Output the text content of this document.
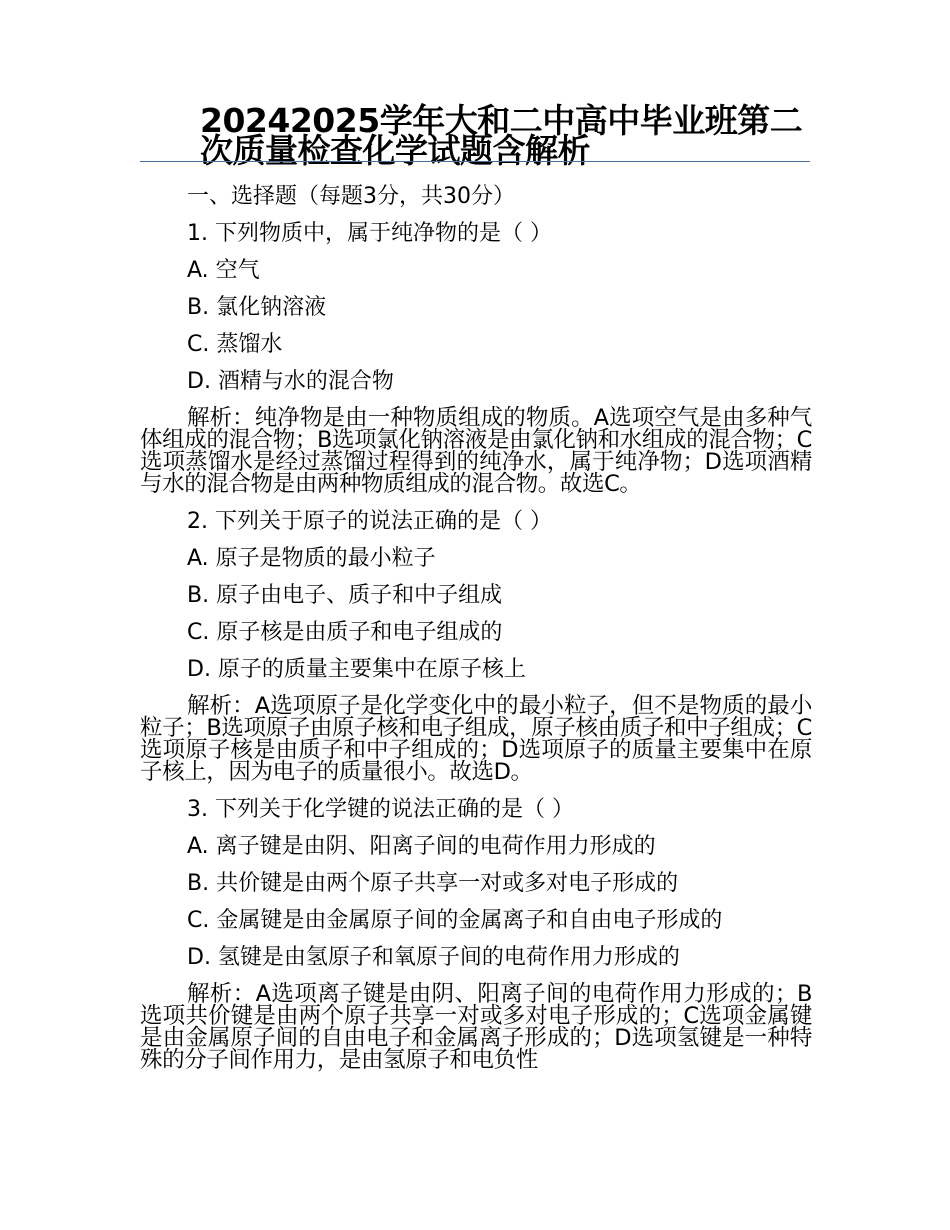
20242025学年大和二中高中毕业班第二次质量检查化学试题含解析

一、选择题（每题3分，共30分）

1. 下列物质中，属于纯净物的是（ ）

A. 空气

B. 氯化钠溶液

C. 蒸馏水

D. 酒精与水的混合物

解析：纯净物是由一种物质组成的物质。A选项空气是由多种气体组成的混合物；B选项氯化钠溶液是由氯化钠和水组成的混合物；C选项蒸馏水是经过蒸馏过程得到的纯净水，属于纯净物；D选项酒精与水的混合物是由两种物质组成的混合物。故选C。

2. 下列关于原子的说法正确的是（ ）

A. 原子是物质的最小粒子

B. 原子由电子、质子和中子组成

C. 原子核是由质子和电子组成的

D. 原子的质量主要集中在原子核上

解析：A选项原子是化学变化中的最小粒子，但不是物质的最小粒子；B选项原子由原子核和电子组成，原子核由质子和中子组成；C选项原子核是由质子和中子组成的；D选项原子的质量主要集中在原子核上，因为电子的质量很小。故选D。

3. 下列关于化学键的说法正确的是（ ）

A. 离子键是由阴、阳离子间的电荷作用力形成的

B. 共价键是由两个原子共享一对或多对电子形成的

C. 金属键是由金属原子间的金属离子和自由电子形成的

D. 氢键是由氢原子和氧原子间的电荷作用力形成的

解析：A选项离子键是由阴、阳离子间的电荷作用力形成的；B选项共价键是由两个原子共享一对或多对电子形成的；C选项金属键是由金属原子间的自由电子和金属离子形成的；D选项氢键是一种特殊的分子间作用力，是由氢原子和电负性
